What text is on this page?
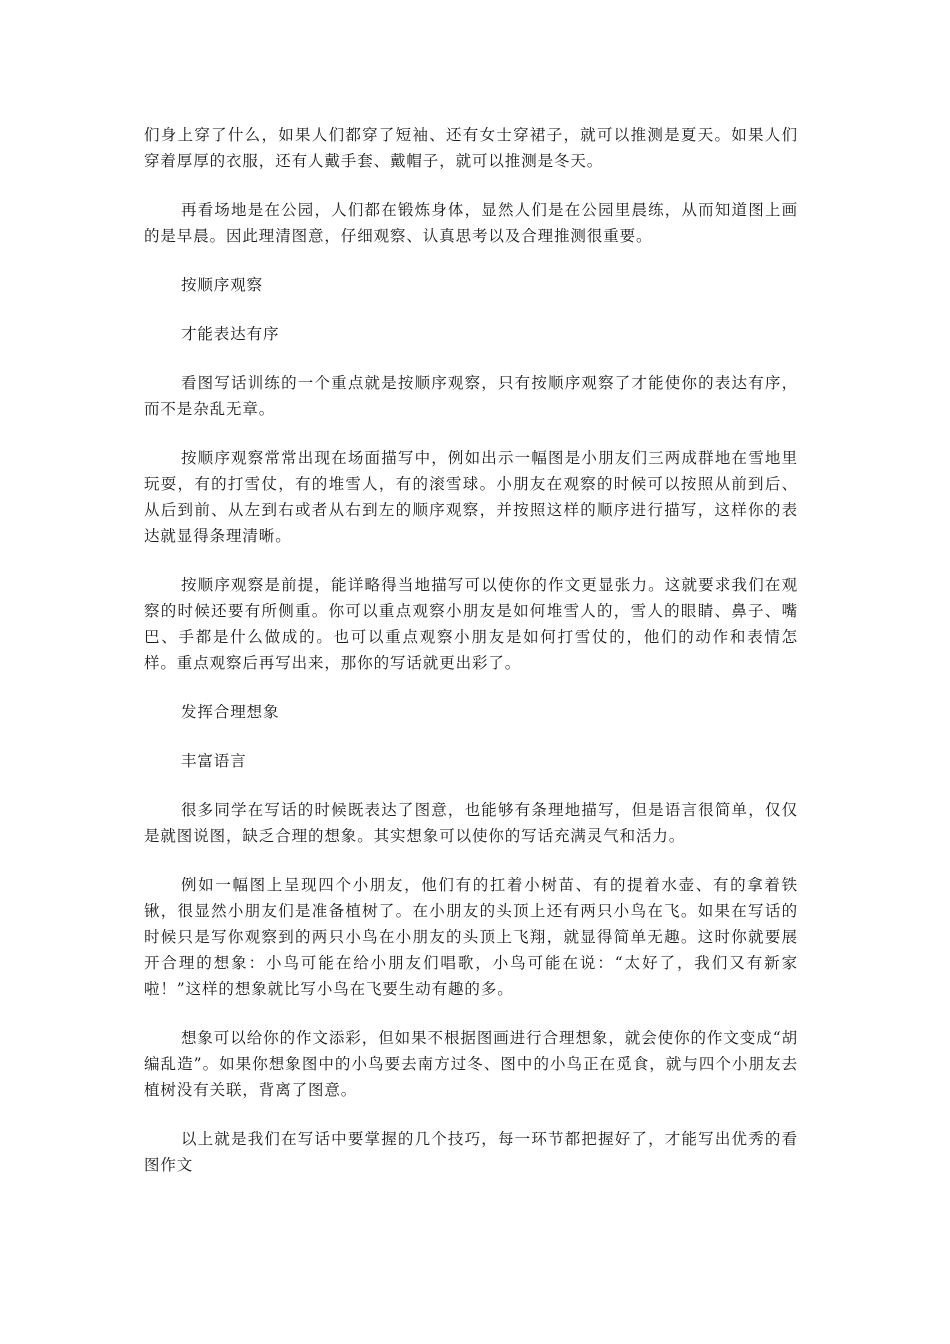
们身上穿了什么，如果人们都穿了短袖、还有女士穿裙子，就可以推测是夏天。如果人们穿着厚厚的衣服，还有人戴手套、戴帽子，就可以推测是冬天。

再看场地是在公园，人们都在锻炼身体，显然人们是在公园里晨练，从而知道图上画的是早晨。因此理清图意，仔细观察、认真思考以及合理推测很重要。

按顺序观察

才能表达有序

看图写话训练的一个重点就是按顺序观察，只有按顺序观察了才能使你的表达有序，而不是杂乱无章。

按顺序观察常常出现在场面描写中，例如出示一幅图是小朋友们三两成群地在雪地里玩耍，有的打雪仗，有的堆雪人，有的滚雪球。小朋友在观察的时候可以按照从前到后、从后到前、从左到右或者从右到左的顺序观察，并按照这样的顺序进行描写，这样你的表达就显得条理清晰。

按顺序观察是前提，能详略得当地描写可以使你的作文更显张力。这就要求我们在观察的时候还要有所侧重。你可以重点观察小朋友是如何堆雪人的，雪人的眼睛、鼻子、嘴巴、手都是什么做成的。也可以重点观察小朋友是如何打雪仗的，他们的动作和表情怎样。重点观察后再写出来，那你的写话就更出彩了。

发挥合理想象

丰富语言

很多同学在写话的时候既表达了图意，也能够有条理地描写，但是语言很简单，仅仅是就图说图，缺乏合理的想象。其实想象可以使你的写话充满灵气和活力。

例如一幅图上呈现四个小朋友，他们有的扛着小树苗、有的提着水壶、有的拿着铁锹，很显然小朋友们是准备植树了。在小朋友的头顶上还有两只小鸟在飞。如果在写话的时候只是写你观察到的两只小鸟在小朋友的头顶上飞翔，就显得简单无趣。这时你就要展开合理的想象：小鸟可能在给小朋友们唱歌，小鸟可能在说：“太好了，我们又有新家啦！”这样的想象就比写小鸟在飞要生动有趣的多。

想象可以给你的作文添彩，但如果不根据图画进行合理想象，就会使你的作文变成“胡编乱造”。如果你想象图中的小鸟要去南方过冬、图中的小鸟正在觅食，就与四个小朋友去植树没有关联，背离了图意。

以上就是我们在写话中要掌握的几个技巧，每一环节都把握好了，才能写出优秀的看图作文
